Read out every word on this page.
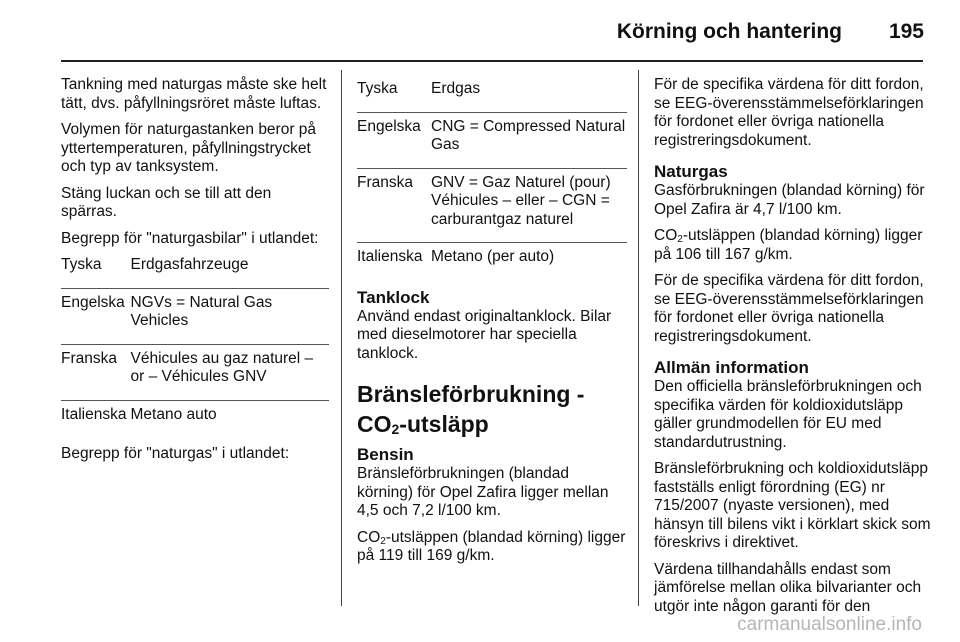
Körning och hantering 195

Tankning med naturgas måste ske helt tätt, dvs. påfyllningsröret måste luftas.

Volymen för naturgastanken beror på yttertemperaturen, påfyllningstrycket och typ av tanksystem.

Stäng luckan och se till att den spärras.

Begrepp för "naturgasbilar" i utlandet:

Tyska	Erdgasfahrzeuge
Engelska	NGVs = Natural Gas Vehicles
Franska	Véhicules au gaz naturel – or – Véhicules GNV
Italienska	Metano auto

Begrepp för "naturgas" i utlandet:

Tyska	Erdgas
Engelska	CNG = Compressed Natural Gas
Franska	GNV = Gaz Naturel (pour) Véhicules – eller – CGN = carburantgaz naturel
Italienska	Metano (per auto)
Tanklock

Använd endast originaltanklock. Bilar med dieselmotorer har speciella tanklock.

Bränsleförbrukning - $CO_2$-utsläpp
Bensin

Bränsleförbrukningen (blandad körning) för Opel Zafira ligger mellan 4,5 och 7,2 l/100 km.

$CO_2$-utsläppen (blandad körning) ligger på 119 till 169 g/km.

För de specifika värdena för ditt fordon, se EEG-överensstämmelseförklaringen för fordonet eller övriga nationella registreringsdokument.

Naturgas

Gasförbrukningen (blandad körning) för Opel Zafira är 4,7 l/100 km.

$CO_2$-utsläppen (blandad körning) ligger på 106 till 167 g/km.

För de specifika värdena för ditt fordon, se EEG-överensstämmelseförklaringen för fordonet eller övriga nationella registreringsdokument.

Allmän information

Den officiella bränsleförbrukningen och specifika värden för koldioxidutsläpp gäller grundmodellen för EU med standardutrustning.

Bränsleförbrukning och koldioxidutsläpp fastställs enligt förordning (EG) nr 715/2007 (nyaste versionen), med hänsyn till bilens vikt i körklart skick som föreskrivs i direktivet.

Värdena tillhandahålls endast som jämförelse mellan olika bilvarianter och utgör inte någon garanti för den

carmanualsonline.info
